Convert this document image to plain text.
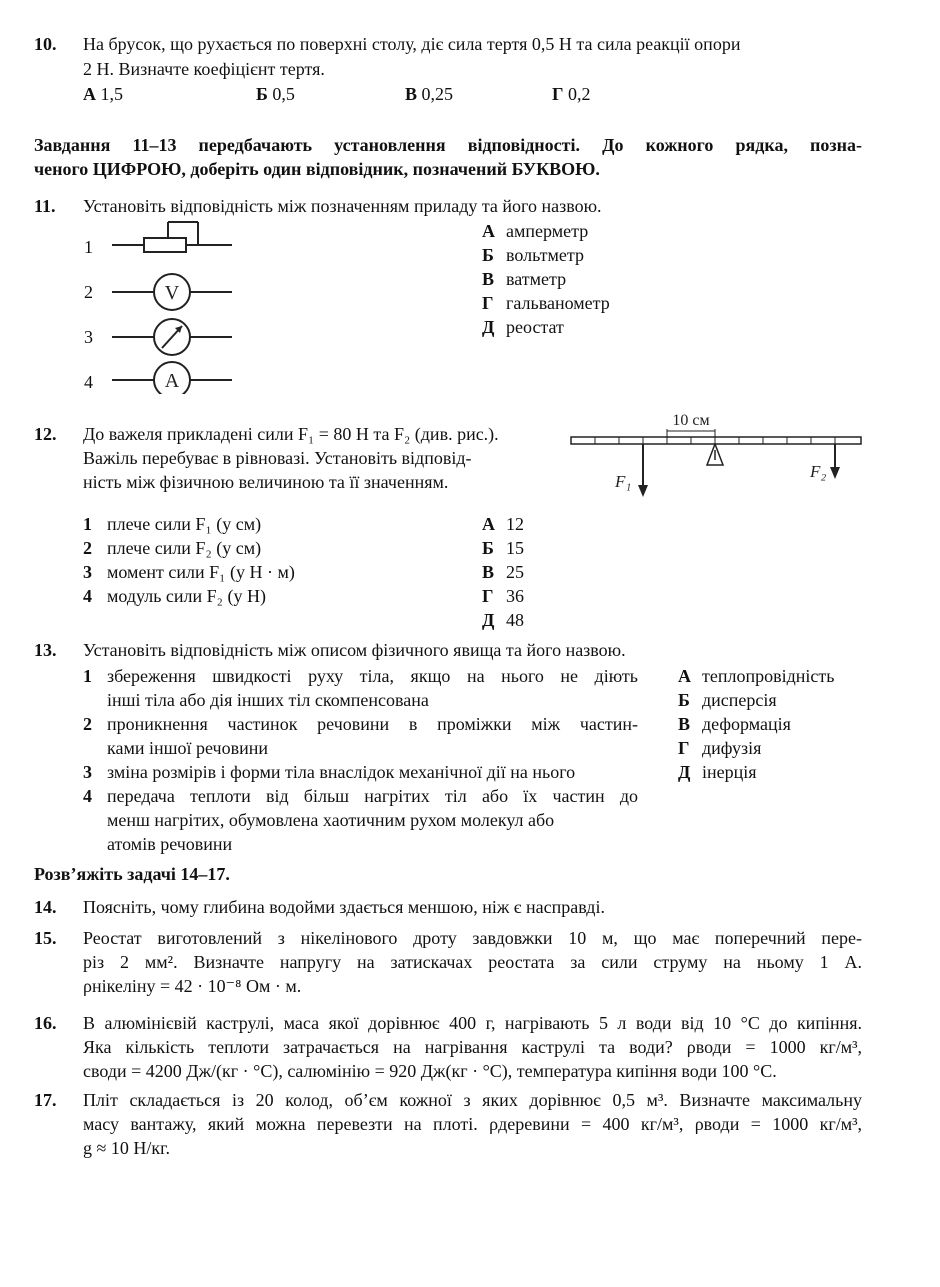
10. На брусок, що рухається по поверхні столу, діє сила тертя 0,5 Н та сила реакції опори
2 Н. Визначте коефіцієнт тертя.
А 1,5	Б 0,5	В 0,25	Г 0,2
Завдання 11–13 передбачають установлення відповідності. До кожного рядка, позна-
ченого ЦИФРОЮ, доберіть один відповідник, позначений БУКВОЮ.
11. Установіть відповідність між позначенням приладу та його назвою.
1
2
3
4
V
A
А амперметр
Б вольтметр
В ватметр
Г гальванометр
Д реостат
12. До важеля прикладені сили F₁ = 80 Н та F₂ (див. рис.).
Важіль перебуває в рівновазі. Установіть відповід-
ність між фізичною величиною та її значенням.
10 см
F₁
F₂
1 плече сили F₁ (у см)
2 плече сили F₂ (у см)
3 момент сили F₁ (у Н · м)
4 модуль сили F₂ (у Н)
А 12
Б 15
В 25
Г 36
Д 48
13. Установіть відповідність між описом фізичного явища та його назвою.
1 збереження швидкості руху тіла, якщо на нього не діють
інші тіла або дія інших тіл скомпенсована
2 проникнення частинок речовини в проміжки між частин-
ками іншої речовини
3 зміна розмірів і форми тіла внаслідок механічної дії на нього
4 передача теплоти від більш нагрітих тіл або їх частин до
менш нагрітих, обумовлена хаотичним рухом молекул або
атомів речовини
А теплопровідність
Б дисперсія
В деформація
Г дифузія
Д інерція
Розв’яжіть задачі 14–17.
14. Поясніть, чому глибина водойми здається меншою, ніж є насправді.
15. Реостат виготовлений з нікелінового дроту завдовжки 10 м, що має поперечний пере-
різ 2 мм². Визначте напругу на затискачах реостата за сили струму на ньому 1 А.
ρнікеліну = 42 · 10⁻⁸ Ом · м.
16. В алюмінієвій каструлі, маса якої дорівнює 400 г, нагрівають 5 л води від 10 °С до кипіння.
Яка кількість теплоти затрачається на нагрівання каструлі та води? ρводи = 1000 кг/м³,
cводи = 4200 Дж/(кг · °С), cалюмінію = 920 Дж(кг · °С), температура кипіння води 100 °С.
17. Пліт складається із 20 колод, об’єм кожної з яких дорівнює 0,5 м³. Визначте максимальну
масу вантажу, який можна перевезти на плоті. ρдеревини = 400 кг/м³, ρводи = 1000 кг/м³,
g ≈ 10 Н/кг.
